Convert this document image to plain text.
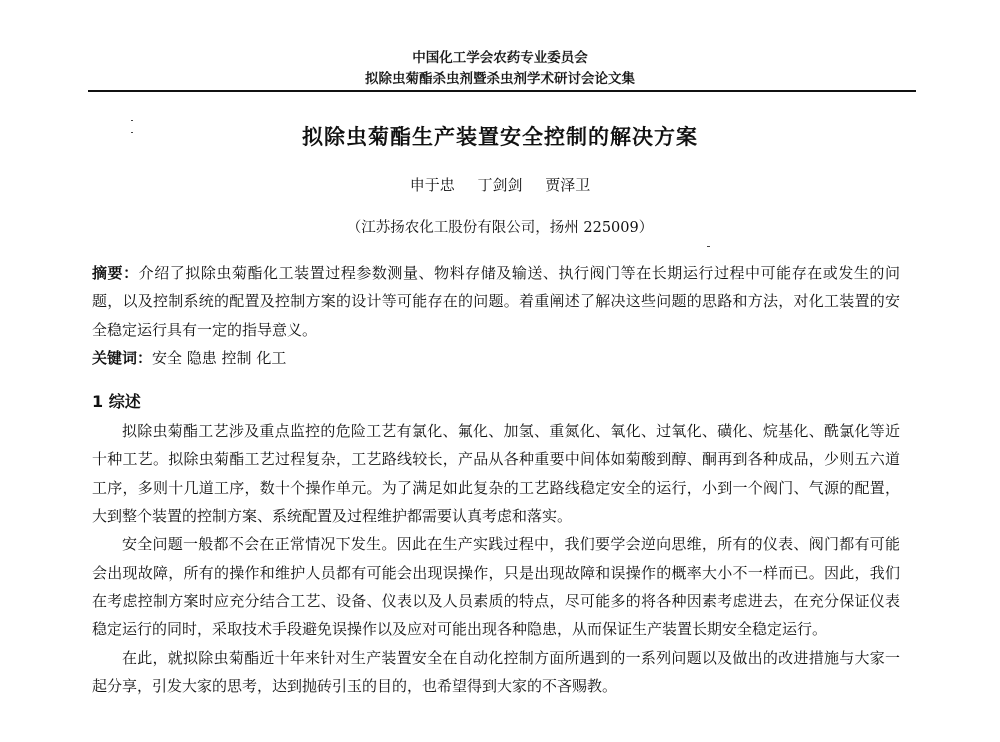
中国化工学会农药专业委员会
拟除虫菊酯杀虫剂暨杀虫剂学术研讨会论文集
拟除虫菊酯生产装置安全控制的解决方案
申于忠 丁剑剑 贾泽卫
（江苏扬农化工股份有限公司，扬州 225009）

摘要：介绍了拟除虫菊酯化工装置过程参数测量、物料存储及输送、执行阀门等在长期运行过程中可能存在或发生的问题，以及控制系统的配置及控制方案的设计等可能存在的问题。着重阐述了解决这些问题的思路和方法，对化工装置的安全稳定运行具有一定的指导意义。

关键词：安全 隐患 控制 化工

1 综述

拟除虫菊酯工艺涉及重点监控的危险工艺有氯化、氟化、加氢、重氮化、氧化、过氧化、磺化、烷基化、酰氯化等近十种工艺。拟除虫菊酯工艺过程复杂，工艺路线较长，产品从各种重要中间体如菊酸到醇、酮再到各种成品，少则五六道工序，多则十几道工序，数十个操作单元。为了满足如此复杂的工艺路线稳定安全的运行，小到一个阀门、气源的配置，大到整个装置的控制方案、系统配置及过程维护都需要认真考虑和落实。

安全问题一般都不会在正常情况下发生。因此在生产实践过程中，我们要学会逆向思维，所有的仪表、阀门都有可能会出现故障，所有的操作和维护人员都有可能会出现误操作，只是出现故障和误操作的概率大小不一样而已。因此，我们在考虑控制方案时应充分结合工艺、设备、仪表以及人员素质的特点，尽可能多的将各种因素考虑进去，在充分保证仪表稳定运行的同时，采取技术手段避免误操作以及应对可能出现各种隐患，从而保证生产装置长期安全稳定运行。

在此，就拟除虫菊酯近十年来针对生产装置安全在自动化控制方面所遇到的一系列问题以及做出的改进措施与大家一起分享，引发大家的思考，达到抛砖引玉的目的，也希望得到大家的不吝赐教。
